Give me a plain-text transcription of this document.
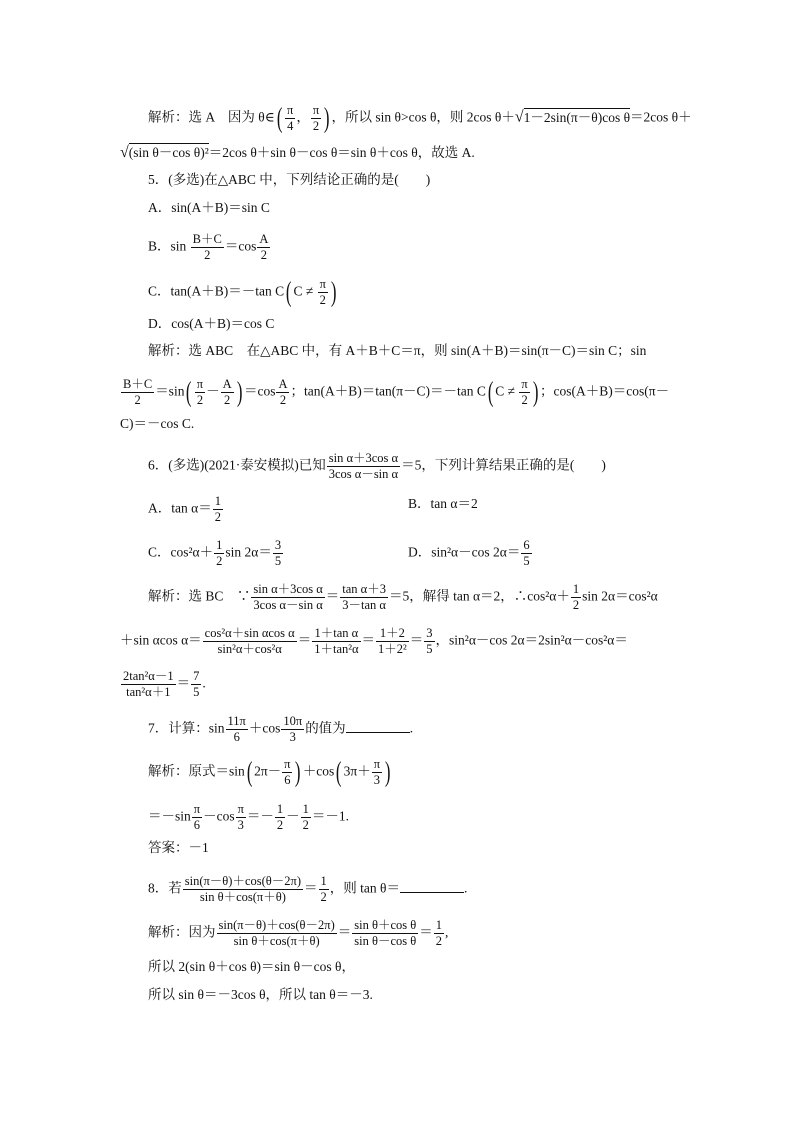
解析：选 A　因为 θ∈( $\frac{\pi}{4}$ ， $\frac{\pi}{2}$ ) ，所以 sin θ>cos θ，则 2cos θ＋√1－2sin(π－θ)cos θ＝2cos θ＋
√(sin θ－cos θ)²＝2cos θ＋sin θ－cos θ＝sin θ＋cos θ，故选 A.
5．(多选)在△ABC 中，下列结论正确的是(　　)
A．sin(A＋B)＝sin C
B．$\sin \frac{B+C}{2} =\cos \frac{A}{2}$
C．tan(A＋B)＝－tan C( $C \ne \frac{\pi}{2}$ )
D．cos(A＋B)＝cos C
解析：选 ABC　在△ABC 中，有 A＋B＋C＝π，则 sin(A＋B)＝sin(π－C)＝sin C；sin
$\frac{B+C}{2} =\sin( \frac{\pi}{2} - \frac{A}{2}$ ) $=\cos \frac{A}{2}$ ；tan(A＋B)＝tan(π－C)＝－tan C( $C \ne \frac{\pi}{2}$ ) ；cos(A＋B)＝cos(π－
C)＝－cos C.
6．(多选)(2021·泰安模拟)已知 $\frac{\text{sin α＋3cos α}}{\text{3cos α－sin α}} =5$，下列计算结果正确的是(　　)
A．$\tan \alpha= \frac{1}{2}$	B．tan α＝2
C．$\cos^2\alpha+ \frac{1}{2}$ $\sin 2\alpha= \frac{3}{5}$	D．sin²α－cos $2\alpha= \frac{6}{5}$
解析：选 BC　∵ $\frac{\text{sin α＋3cos α}}{\text{3cos α－sin α}} = \frac{\text{tan α＋3}}{\text{3－tan α}} =5$，解得 tan α＝2，∴cos²α＋ $\frac{1}{2}$ sin 2α＝cos²α
＋sin αcos $\alpha= \frac{\text{cos²α＋sin αcos α}}{\text{sin²α＋cos²α}} = \frac{\text{1＋tan α}}{\text{1＋tan²α}} = \frac{1+2}{\text{1＋2²}} = \frac{3}{5}$ ，sin²α－cos 2α＝2sin²α－cos²α＝
$\frac{\text{2tan²α－1}}{\text{tan²α＋1}} = \frac{7}{5}$ .
7．计算：$\sin \frac{11\pi}{6} +\cos \frac{10\pi}{3}$ 的值为	.
解析：原式＝sin( $2\pi- \frac{\pi}{6}$ ) ＋cos( $3\pi+ \frac{\pi}{3}$ )
$=-\sin \frac{\pi}{6} -\cos \frac{\pi}{3} =- \frac{1}{2} - \frac{1}{2} =-1$.
答案：－1
8．若 $\frac{\sin(\pi-\theta)+\cos(\theta-2\pi)}{\text{sin θ＋cos(π＋θ)}} = \frac{1}{2}$ ，则 tan θ＝	.
解析：因为 $\frac{\sin(\pi-\theta)+\cos(\theta-2\pi)}{\text{sin θ＋cos(π＋θ)}} = \frac{\text{sin θ＋cos θ}}{\text{sin θ－cos θ}} = \frac{1}{2}$ ,
所以 2(sin θ＋cos θ)＝sin θ－cos θ，
所以 sin θ＝－3cos θ，所以 tan θ＝－3.
